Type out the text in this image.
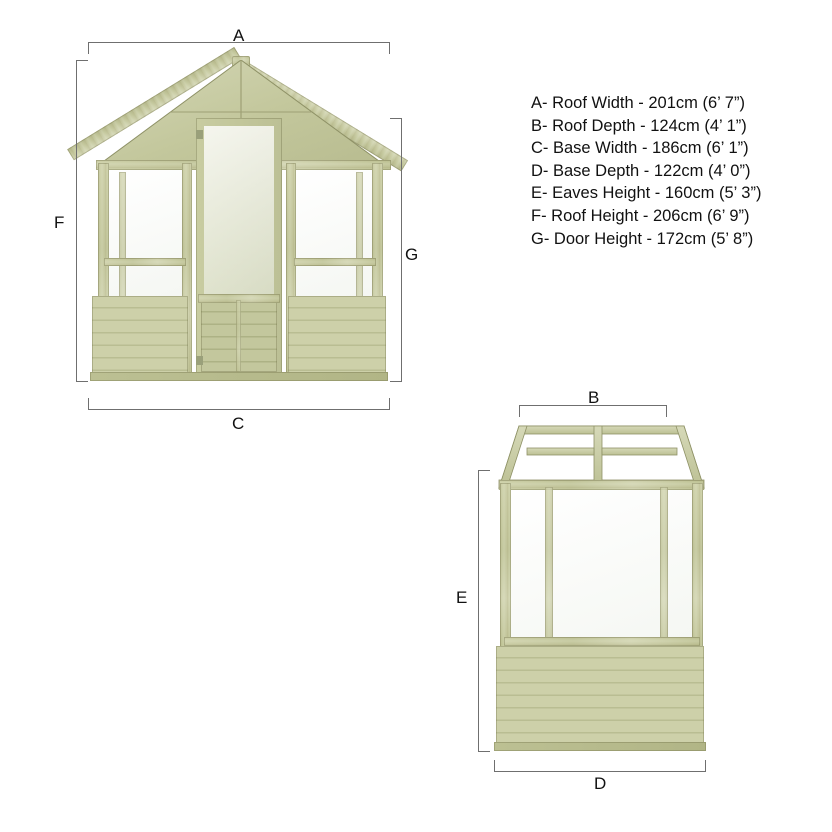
A
F
G
C
B
E
D
A- Roof Width - 201cm (6’ 7”)
B- Roof Depth - 124cm (4’ 1”)
C- Base Width - 186cm (6’ 1”)
D- Base Depth - 122cm (4’ 0”)
E- Eaves Height - 160cm (5’ 3”)
F- Roof Height - 206cm (6’ 9”)
G- Door Height - 172cm (5’ 8”)
